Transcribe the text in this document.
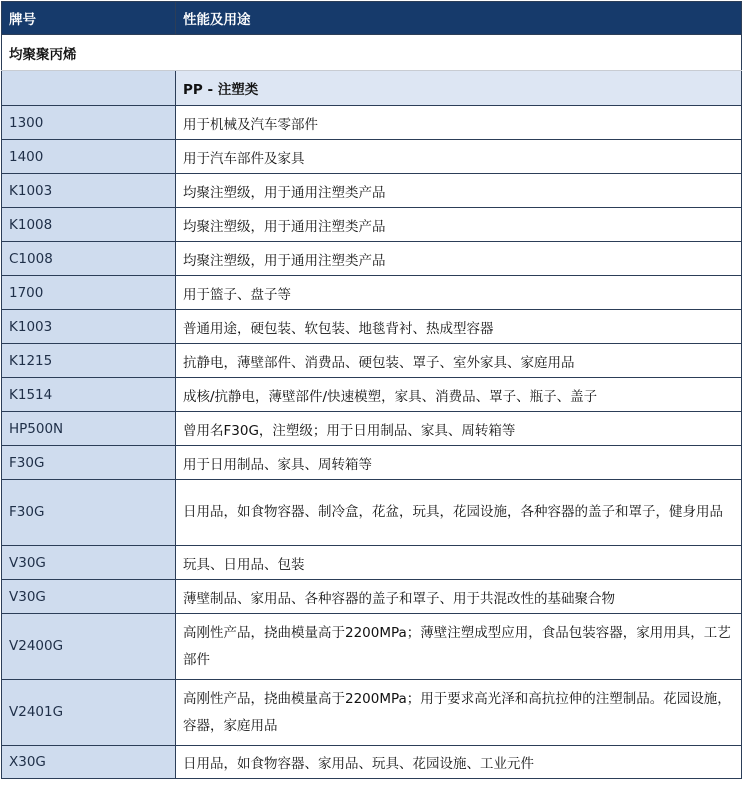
牌号	性能及用途
均聚聚丙烯	
	PP - 注塑类
1300	用于机械及汽车零部件
1400	用于汽车部件及家具
K1003	均聚注塑级，用于通用注塑类产品
K1008	均聚注塑级，用于通用注塑类产品
C1008	均聚注塑级，用于通用注塑类产品
1700	用于篮子、盘子等
K1003	普通用途，硬包装、软包装、地毯背衬、热成型容器
K1215	抗静电，薄壁部件、消费品、硬包装、罩子、室外家具、家庭用品
K1514	成核/抗静电，薄壁部件/快速模塑，家具、消费品、罩子、瓶子、盖子
HP500N	曾用名F30G，注塑级；用于日用制品、家具、周转箱等
F30G	用于日用制品、家具、周转箱等
F30G	日用品，如食物容器、制冷盒，花盆，玩具，花园设施，各种容器的盖子和罩子，健身用品
V30G	玩具、日用品、包装
V30G	薄壁制品、家用品、各种容器的盖子和罩子、用于共混改性的基础聚合物
V2400G	高刚性产品，挠曲模量高于2200MPa；薄壁注塑成型应用，食品包装容器，家用用具，工艺部件
V2401G	高刚性产品，挠曲模量高于2200MPa；用于要求高光泽和高抗拉伸的注塑制品。花园设施，容器，家庭用品
X30G	日用品，如食物容器、家用品、玩具、花园设施、工业元件
